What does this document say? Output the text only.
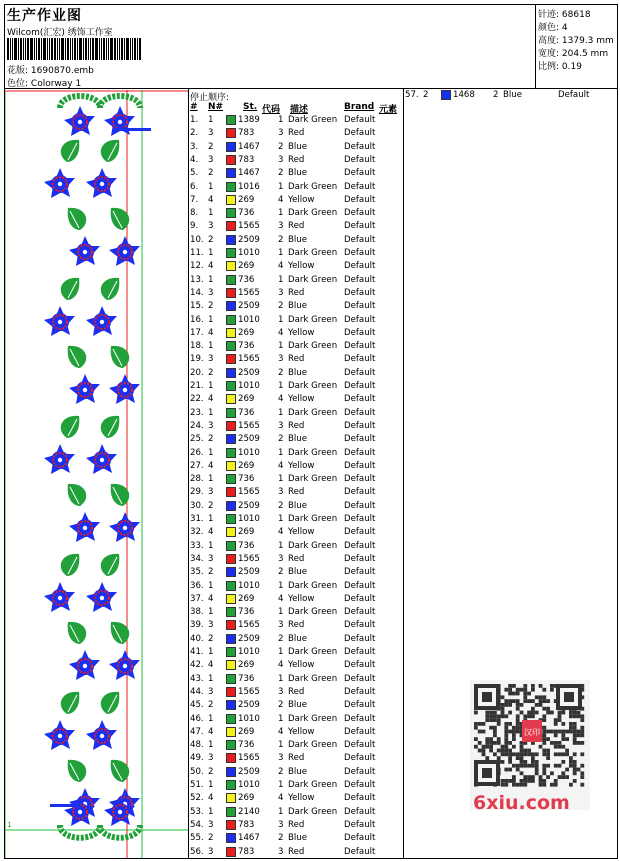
生产作业图
Wilcom(汇宏) 绣饰工作室
花版: 1690870.emb
色位: Colorway 1
针迹: 68618
颜色: 4
高度: 1379.3 mm
宽度: 204.5 mm
比例: 0.19
1
停止顺序:
# N# St. 代码 描述	Brand 元素
1. 1	1389 1 Dark Green Default
2. 3	783	3 Red	Default
3. 2	1467 2 Blue	Default
4. 3	783	3 Red	Default
5. 2	1467 2 Blue	Default
6. 1	1016 1 Dark Green Default
7. 4	269	4 Yellow	Default
8. 1	736	1 Dark Green Default
9. 3	1565 3 Red	Default
10. 2	2509 2 Blue	Default
11. 1	1010 1 Dark Green Default
12. 4	269	4 Yellow	Default
13. 1	736	1 Dark Green Default
14. 3	1565 3 Red	Default
15. 2	2509 2 Blue	Default
16. 1	1010 1 Dark Green Default
17. 4	269	4 Yellow	Default
18. 1	736	1 Dark Green Default
19. 3	1565 3 Red	Default
20. 2	2509 2 Blue	Default
21. 1	1010 1 Dark Green Default
22. 4	269	4 Yellow	Default
23. 1	736	1 Dark Green Default
24. 3	1565 3 Red	Default
25. 2	2509 2 Blue	Default
26. 1	1010 1 Dark Green Default
27. 4	269	4 Yellow	Default
28. 1	736	1 Dark Green Default
29. 3	1565 3 Red	Default
30. 2	2509 2 Blue	Default
31. 1	1010 1 Dark Green Default
32. 4	269	4 Yellow	Default
33. 1	736	1 Dark Green Default
34. 3	1565 3 Red	Default
35. 2	2509 2 Blue	Default
36. 1	1010 1 Dark Green Default
37. 4	269	4 Yellow	Default
38. 1	736	1 Dark Green Default
39. 3	1565 3 Red	Default
40. 2	2509 2 Blue	Default
41. 1	1010 1 Dark Green Default
42. 4	269	4 Yellow	Default
43. 1	736	1 Dark Green Default
44. 3	1565 3 Red	Default
45. 2	2509 2 Blue	Default
46. 1	1010 1 Dark Green Default
47. 4	269	4 Yellow	Default
48. 1	736	1 Dark Green Default
49. 3	1565 3 Red	Default
50. 2	2509 2 Blue	Default
51. 1	1010 1 Dark Green Default
52. 4	269	4 Yellow	Default
53. 1	2140 1 Dark Green Default
54. 3	783	3 Red	Default
55. 2	1467 2 Blue	Default
56. 3	783	3 Red	Default
57. 2	1468 2 Blue	Default
汉印
6xiu.com
